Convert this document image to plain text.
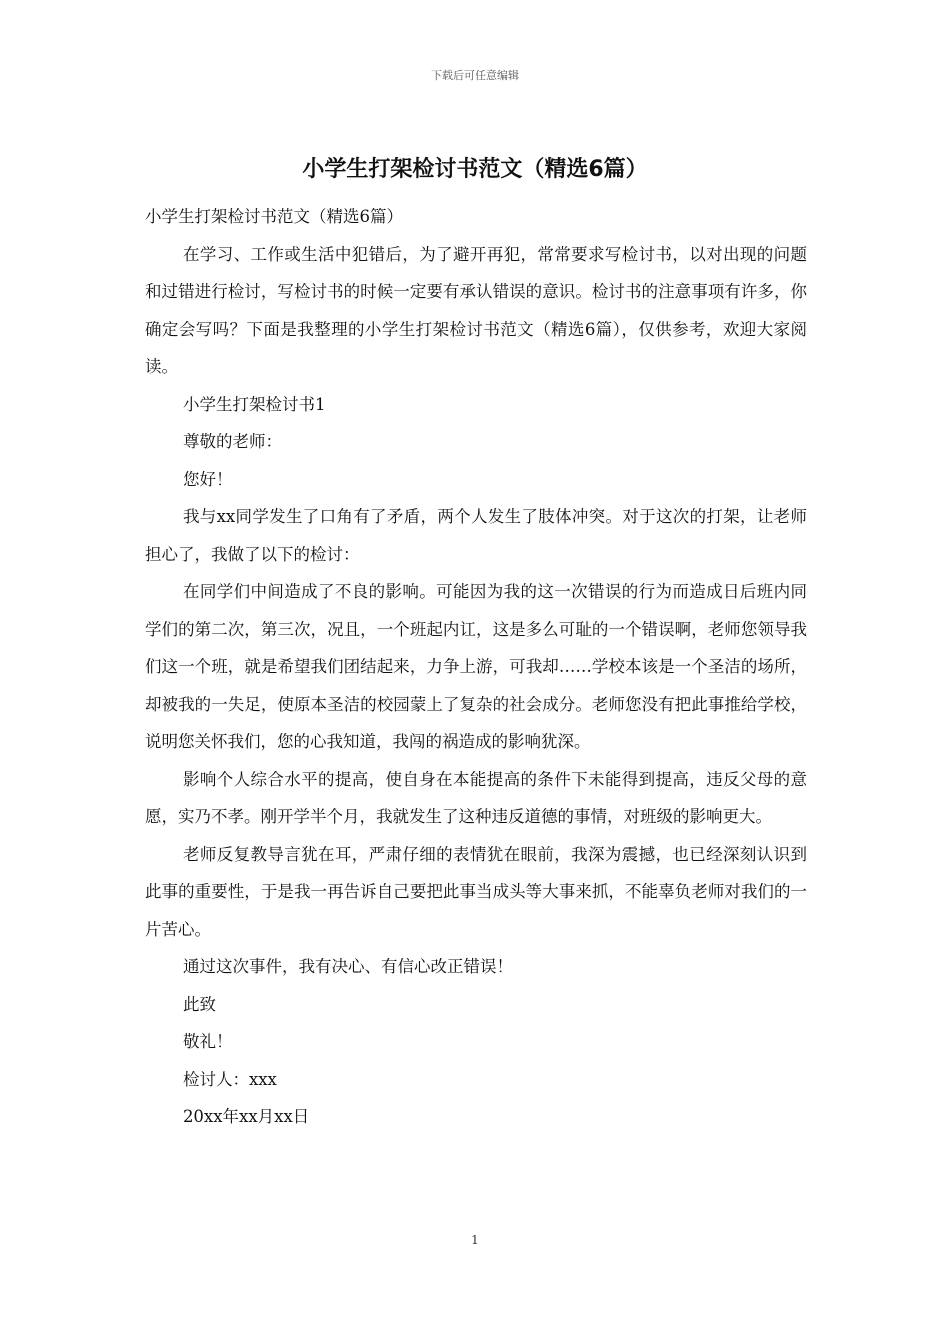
下载后可任意编辑
小学生打架检讨书范文（精选6篇）

小学生打架检讨书范文（精选6篇）

在学习、工作或生活中犯错后，为了避开再犯，常常要求写检讨书，以对出现的问题和过错进行检讨，写检讨书的时候一定要有承认错误的意识。检讨书的注意事项有许多，你确定会写吗？下面是我整理的小学生打架检讨书范文（精选6篇），仅供参考，欢迎大家阅读。

小学生打架检讨书1

尊敬的老师：

您好！

我与xx同学发生了口角有了矛盾，两个人发生了肢体冲突。对于这次的打架，让老师担心了，我做了以下的检讨：

在同学们中间造成了不良的影响。可能因为我的这一次错误的行为而造成日后班内同学们的第二次，第三次，况且，一个班起内讧，这是多么可耻的一个错误啊，老师您领导我们这一个班，就是希望我们团结起来，力争上游，可我却……学校本该是一个圣洁的场所，却被我的一失足，使原本圣洁的校园蒙上了复杂的社会成分。老师您没有把此事推给学校，说明您关怀我们，您的心我知道，我闯的祸造成的影响犹深。

影响个人综合水平的提高，使自身在本能提高的条件下未能得到提高，违反父母的意愿，实乃不孝。刚开学半个月，我就发生了这种违反道德的事情，对班级的影响更大。

老师反复教导言犹在耳，严肃仔细的表情犹在眼前，我深为震撼，也已经深刻认识到此事的重要性，于是我一再告诉自己要把此事当成头等大事来抓，不能辜负老师对我们的一片苦心。

通过这次事件，我有决心、有信心改正错误！

此致

敬礼！

检讨人：xxx

20xx年xx月xx日

1
